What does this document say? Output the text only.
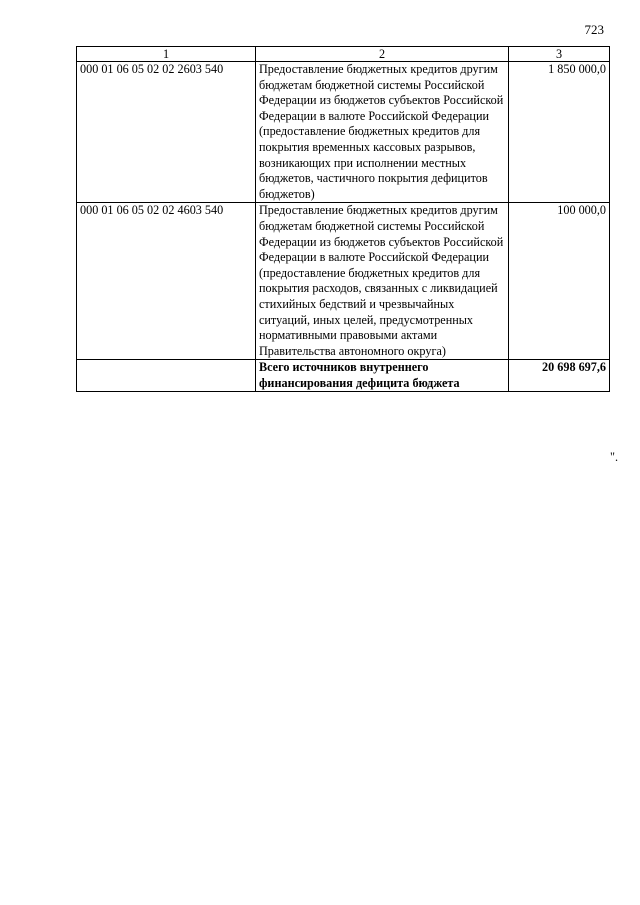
723
1	2	3
000 01 06 05 02 02 2603 540	Предоставление бюджетных кредитов другим бюджетам бюджетной системы Российской Федерации из бюджетов субъектов Российской Федерации в валюте Российской Федерации (предоставление бюджетных кредитов для покрытия временных кассовых разрывов, возникающих при исполнении местных бюджетов, частичного покрытия дефицитов бюджетов)	1 850 000,0
000 01 06 05 02 02 4603 540	Предоставление бюджетных кредитов другим бюджетам бюджетной системы Российской Федерации из бюджетов субъектов Российской Федерации в валюте Российской Федерации (предоставление бюджетных кредитов для покрытия расходов, связанных с ликвидацией стихийных бедствий и чрезвычайных ситуаций, иных целей, предусмотренных нормативными правовыми актами Правительства автономного округа)	100 000,0
	Всего источников внутреннего финансирования дефицита бюджета	20 698 697,6
".
